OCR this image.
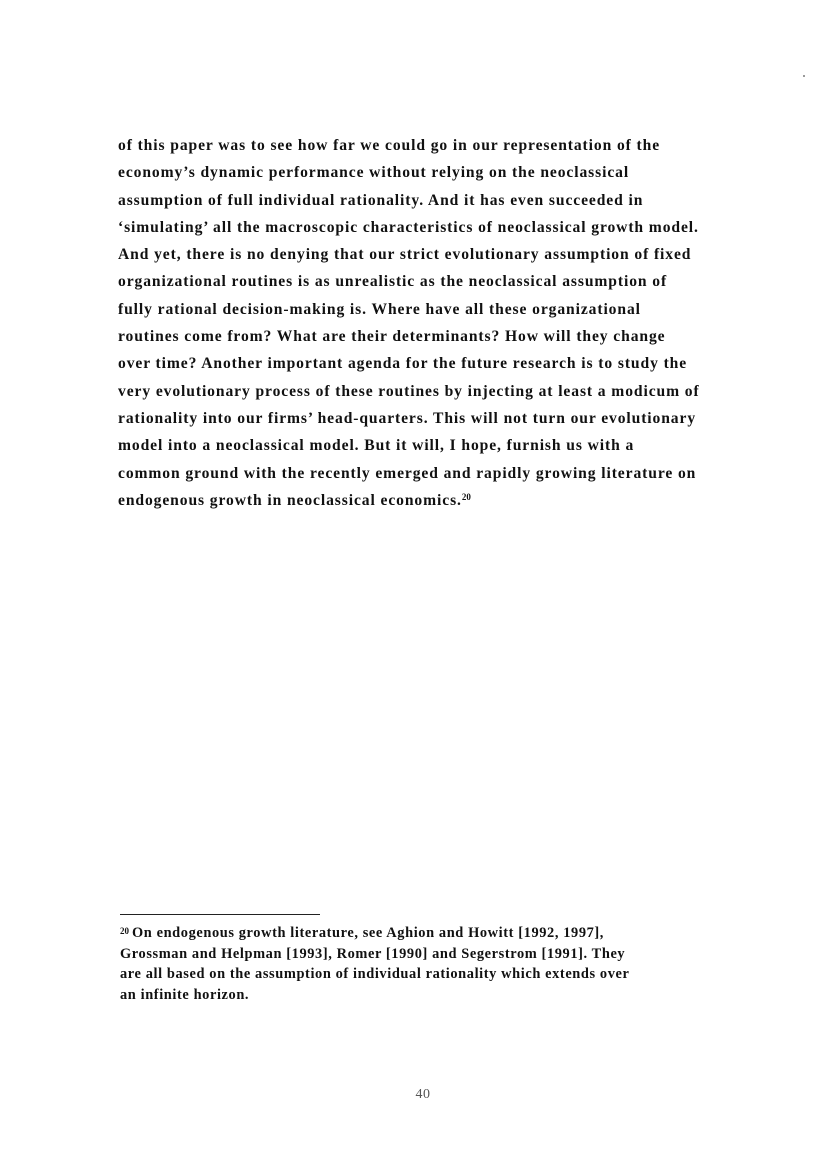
of this paper was to see how far we could go in our representation of the
economy’s dynamic performance without relying on the neoclassical
assumption of full individual rationality. And it has even succeeded in
‘simulating’ all the macroscopic characteristics of neoclassical growth model.
And yet, there is no denying that our strict evolutionary assumption of fixed
organizational routines is as unrealistic as the neoclassical assumption of
fully rational decision-making is. Where have all these organizational
routines come from? What are their determinants? How will they change
over time? Another important agenda for the future research is to study the
very evolutionary process of these routines by injecting at least a modicum of
rationality into our firms’ head-quarters. This will not turn our evolutionary
model into a neoclassical model. But it will, I hope, furnish us with a
common ground with the recently emerged and rapidly growing literature on
endogenous growth in neoclassical economics.$^{20}$

$^{20}$ On endogenous growth literature, see Aghion and Howitt [1992, 1997],
Grossman and Helpman [1993], Romer [1990] and Segerstrom [1991]. They
are all based on the assumption of individual rationality which extends over
an infinite horizon.

40
